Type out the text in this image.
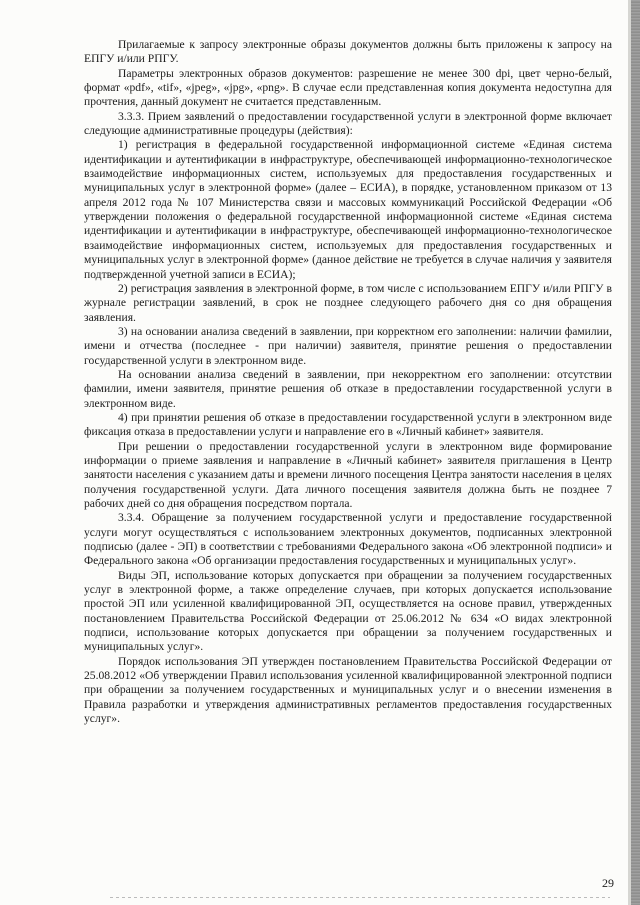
Прилагаемые к запросу электронные образы документов должны быть приложены к запросу на ЕПГУ и/или РПГУ.

Параметры электронных образов документов: разрешение не менее 300 dpi, цвет черно-белый, формат «pdf», «tif», «jpeg», «jpg», «png». В случае если представленная копия документа недоступна для прочтения, данный документ не считается представленным.

3.3.3. Прием заявлений о предоставлении государственной услуги в электронной форме включает следующие административные процедуры (действия):

1) регистрация в федеральной государственной информационной системе «Единая система идентификации и аутентификации в инфраструктуре, обеспечивающей информационно-технологическое взаимодействие информационных систем, используемых для предоставления государственных и муниципальных услуг в электронной форме» (далее – ЕСИА), в порядке, установленном приказом от 13 апреля 2012 года № 107 Министерства связи и массовых коммуникаций Российской Федерации «Об утверждении положения о федеральной государственной информационной системе «Единая система идентификации и аутентификации в инфраструктуре, обеспечивающей информационно-технологическое взаимодействие информационных систем, используемых для предоставления государственных и муниципальных услуг в электронной форме» (данное действие не требуется в случае наличия у заявителя подтвержденной учетной записи в ЕСИА);

2) регистрация заявления в электронной форме, в том числе с использованием ЕПГУ и/или РПГУ в журнале регистрации заявлений, в срок не позднее следующего рабочего дня со дня обращения заявления.

3) на основании анализа сведений в заявлении, при корректном его заполнении: наличии фамилии, имени и отчества (последнее - при наличии) заявителя, принятие решения о предоставлении государственной услуги в электронном виде.

На основании анализа сведений в заявлении, при некорректном его заполнении: отсутствии фамилии, имени заявителя, принятие решения об отказе в предоставлении государственной услуги в электронном виде.

4) при принятии решения об отказе в предоставлении государственной услуги в электронном виде фиксация отказа в предоставлении услуги и направление его в «Личный кабинет» заявителя.

При решении о предоставлении государственной услуги в электронном виде формирование информации о приеме заявления и направление в «Личный кабинет» заявителя приглашения в Центр занятости населения с указанием даты и времени личного посещения Центра занятости населения в целях получения государственной услуги. Дата личного посещения заявителя должна быть не позднее 7 рабочих дней со дня обращения посредством портала.

3.3.4. Обращение за получением государственной услуги и предоставление государственной услуги могут осуществляться с использованием электронных документов, подписанных электронной подписью (далее - ЭП) в соответствии с требованиями Федерального закона «Об электронной подписи» и Федерального закона «Об организации предоставления государственных и муниципальных услуг».

Виды ЭП, использование которых допускается при обращении за получением государственных услуг в электронной форме, а также определение случаев, при которых допускается использование простой ЭП или усиленной квалифицированной ЭП, осуществляется на основе правил, утвержденных постановлением Правительства Российской Федерации от 25.06.2012 № 634 «О видах электронной подписи, использование которых допускается при обращении за получением государственных и муниципальных услуг».

Порядок использования ЭП утвержден постановлением Правительства Российской Федерации от 25.08.2012 «Об утверждении Правил использования усиленной квалифицированной электронной подписи при обращении за получением государственных и муниципальных услуг и о внесении изменения в Правила разработки и утверждения административных регламентов предоставления государственных услуг».

29
